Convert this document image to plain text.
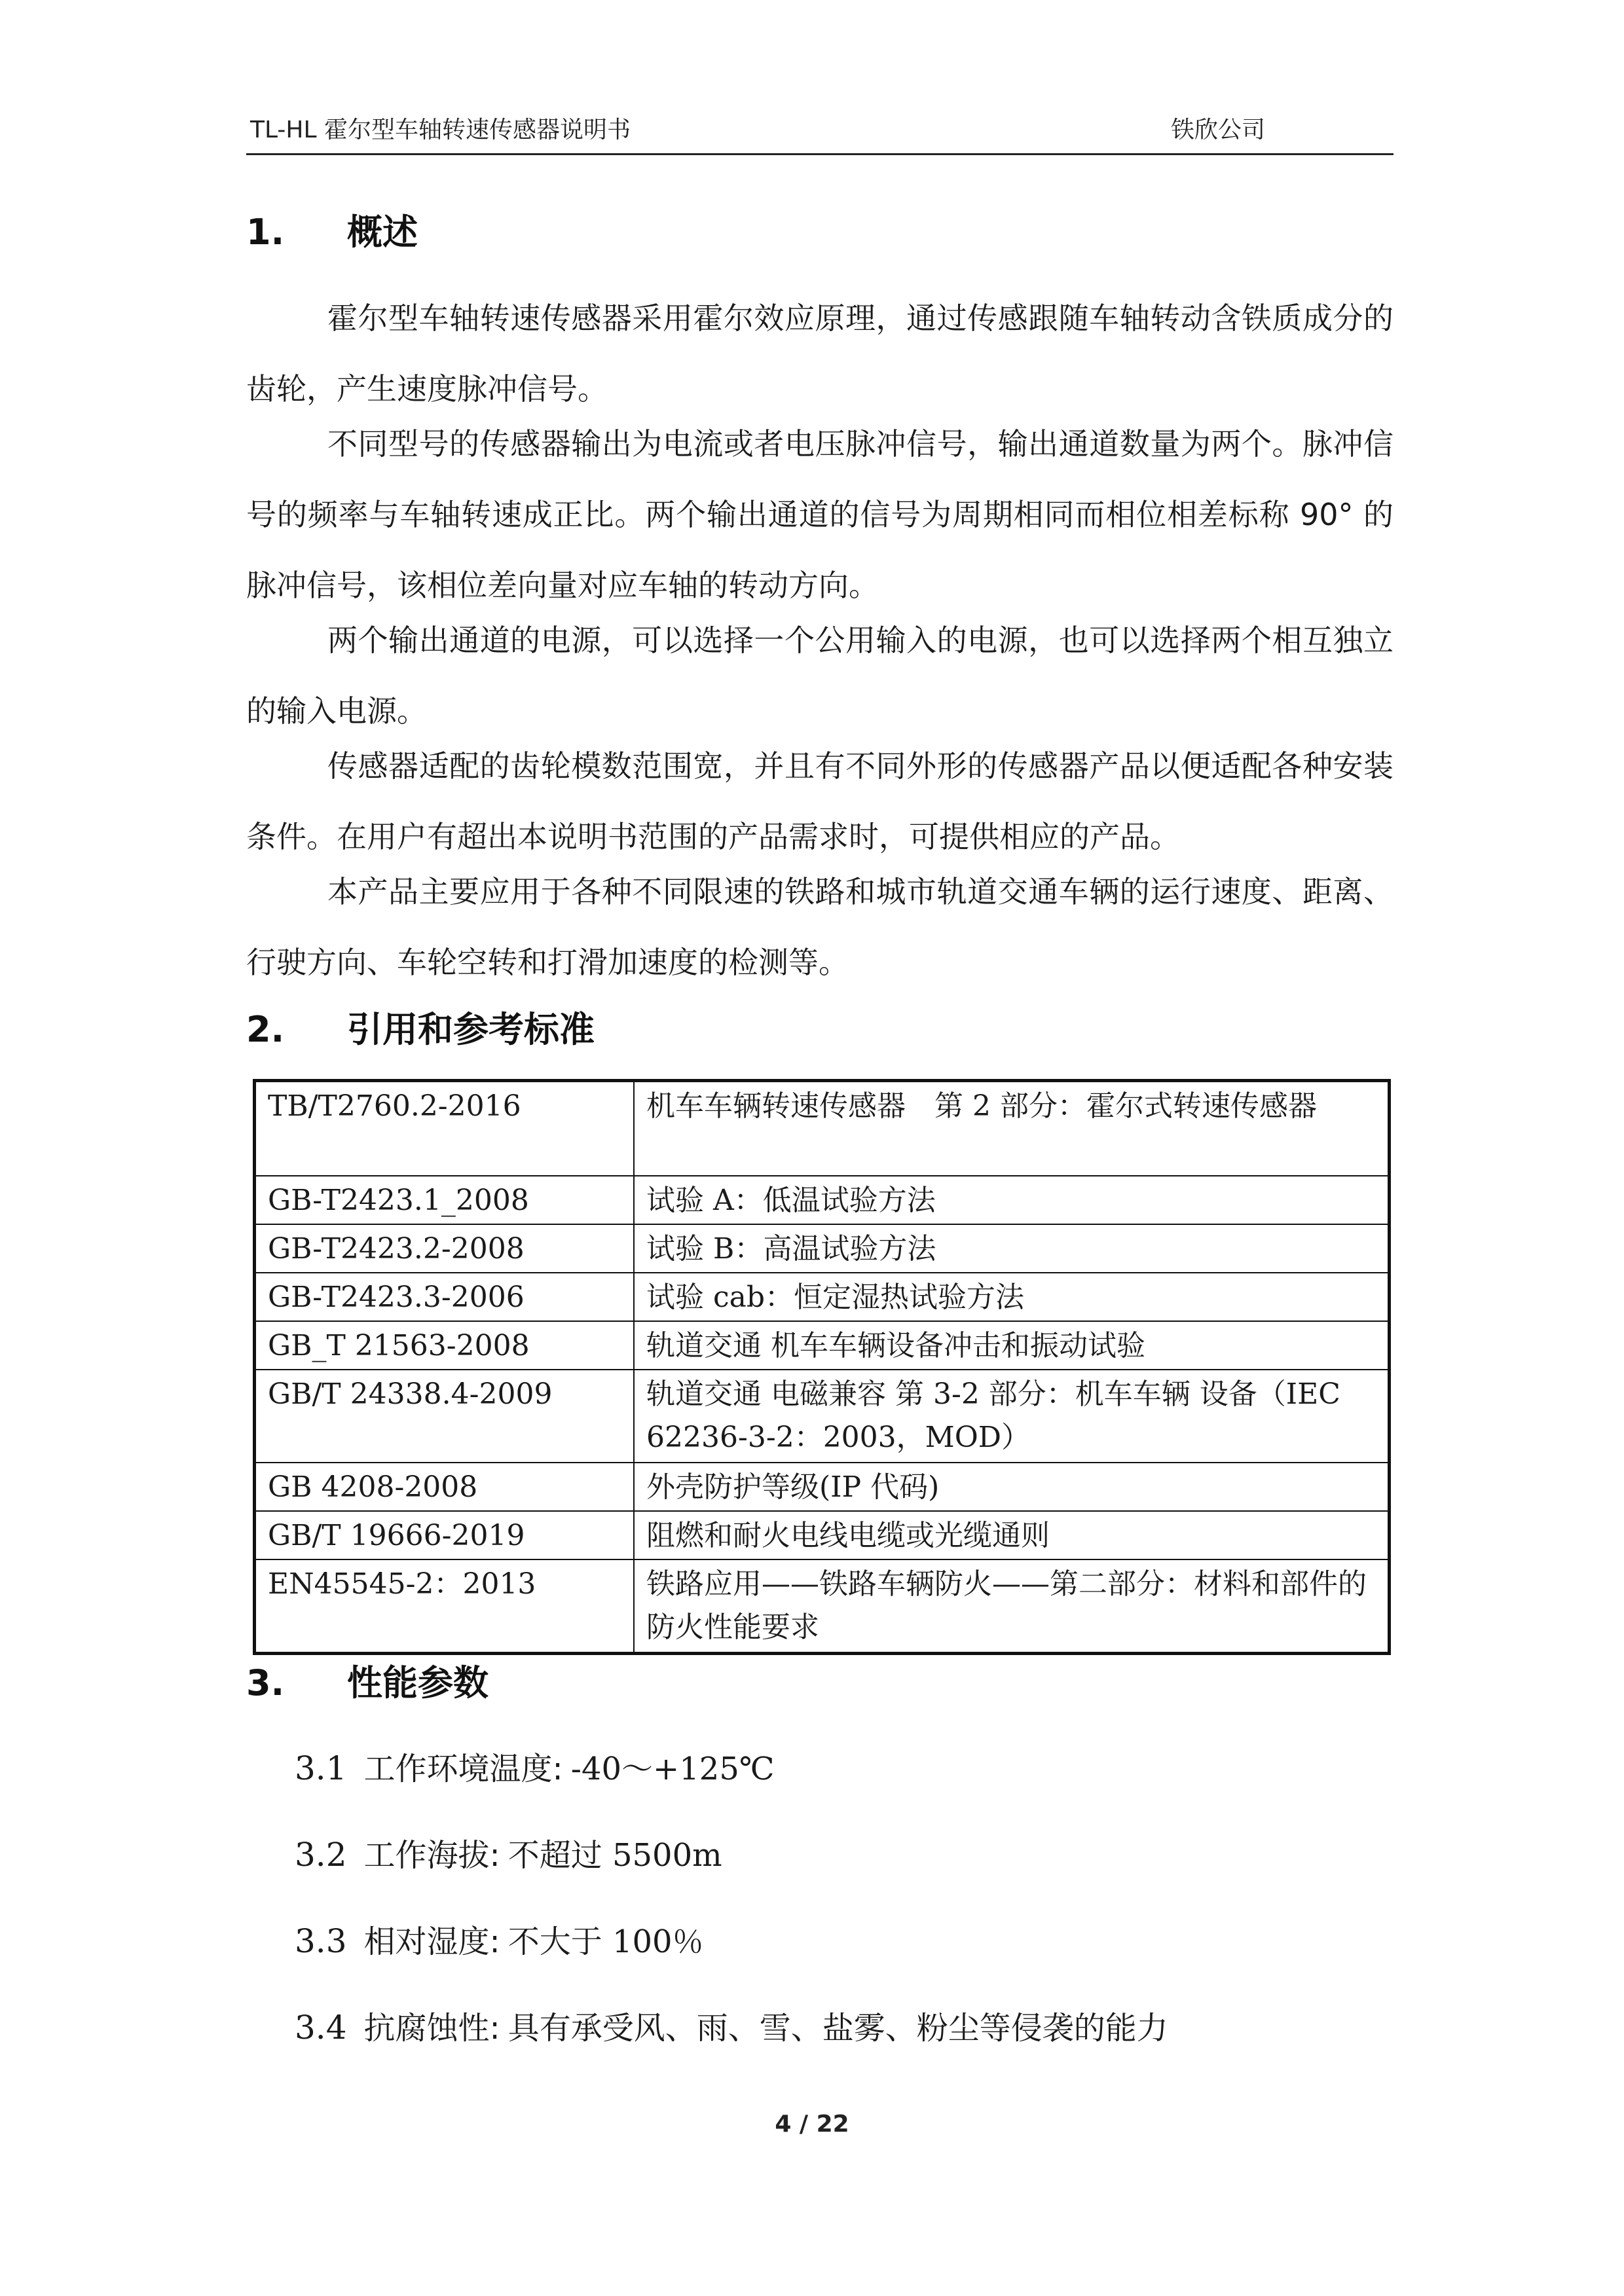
TL-HL 霍尔型车轴转速传感器说明书	铁欣公司
1. 概述
霍尔型车轴转速传感器采用霍尔效应原理，通过传感跟随车轴转动含铁质成分的齿轮，产生速度脉冲信号。
不同型号的传感器输出为电流或者电压脉冲信号，输出通道数量为两个。脉冲信号的频率与车轴转速成正比。两个输出通道的信号为周期相同而相位相差标称 90° 的脉冲信号，该相位差向量对应车轴的转动方向。
两个输出通道的电源，可以选择一个公用输入的电源，也可以选择两个相互独立的输入电源。
传感器适配的齿轮模数范围宽，并且有不同外形的传感器产品以便适配各种安装条件。在用户有超出本说明书范围的产品需求时，可提供相应的产品。
本产品主要应用于各种不同限速的铁路和城市轨道交通车辆的运行速度、距离、行驶方向、车轮空转和打滑加速度的检测等。
2. 引用和参考标准
TB/T2760.2-2016	机车车辆转速传感器　第 2 部分：霍尔式转速传感器
GB-T2423.1_2008	试验 A：低温试验方法
GB-T2423.2-2008	试验 B：高温试验方法
GB-T2423.3-2006	试验 cab：恒定湿热试验方法
GB_T 21563-2008	轨道交通 机车车辆设备冲击和振动试验
GB/T 24338.4-2009	轨道交通 电磁兼容 第 3-2 部分：机车车辆 设备（IEC 62236-3-2：2003，MOD）
GB 4208-2008	外壳防护等级(IP 代码)
GB/T 19666-2019	阻燃和耐火电线电缆或光缆通则
EN45545-2：2013	铁路应用——铁路车辆防火——第二部分：材料和部件的防火性能要求
3. 性能参数
3.1 工作环境温度: -40～+125℃
3.2 工作海拔: 不超过 5500m
3.3 相对湿度: 不大于 100％
3.4 抗腐蚀性: 具有承受风、雨、雪、盐雾、粉尘等侵袭的能力
4 / 22
